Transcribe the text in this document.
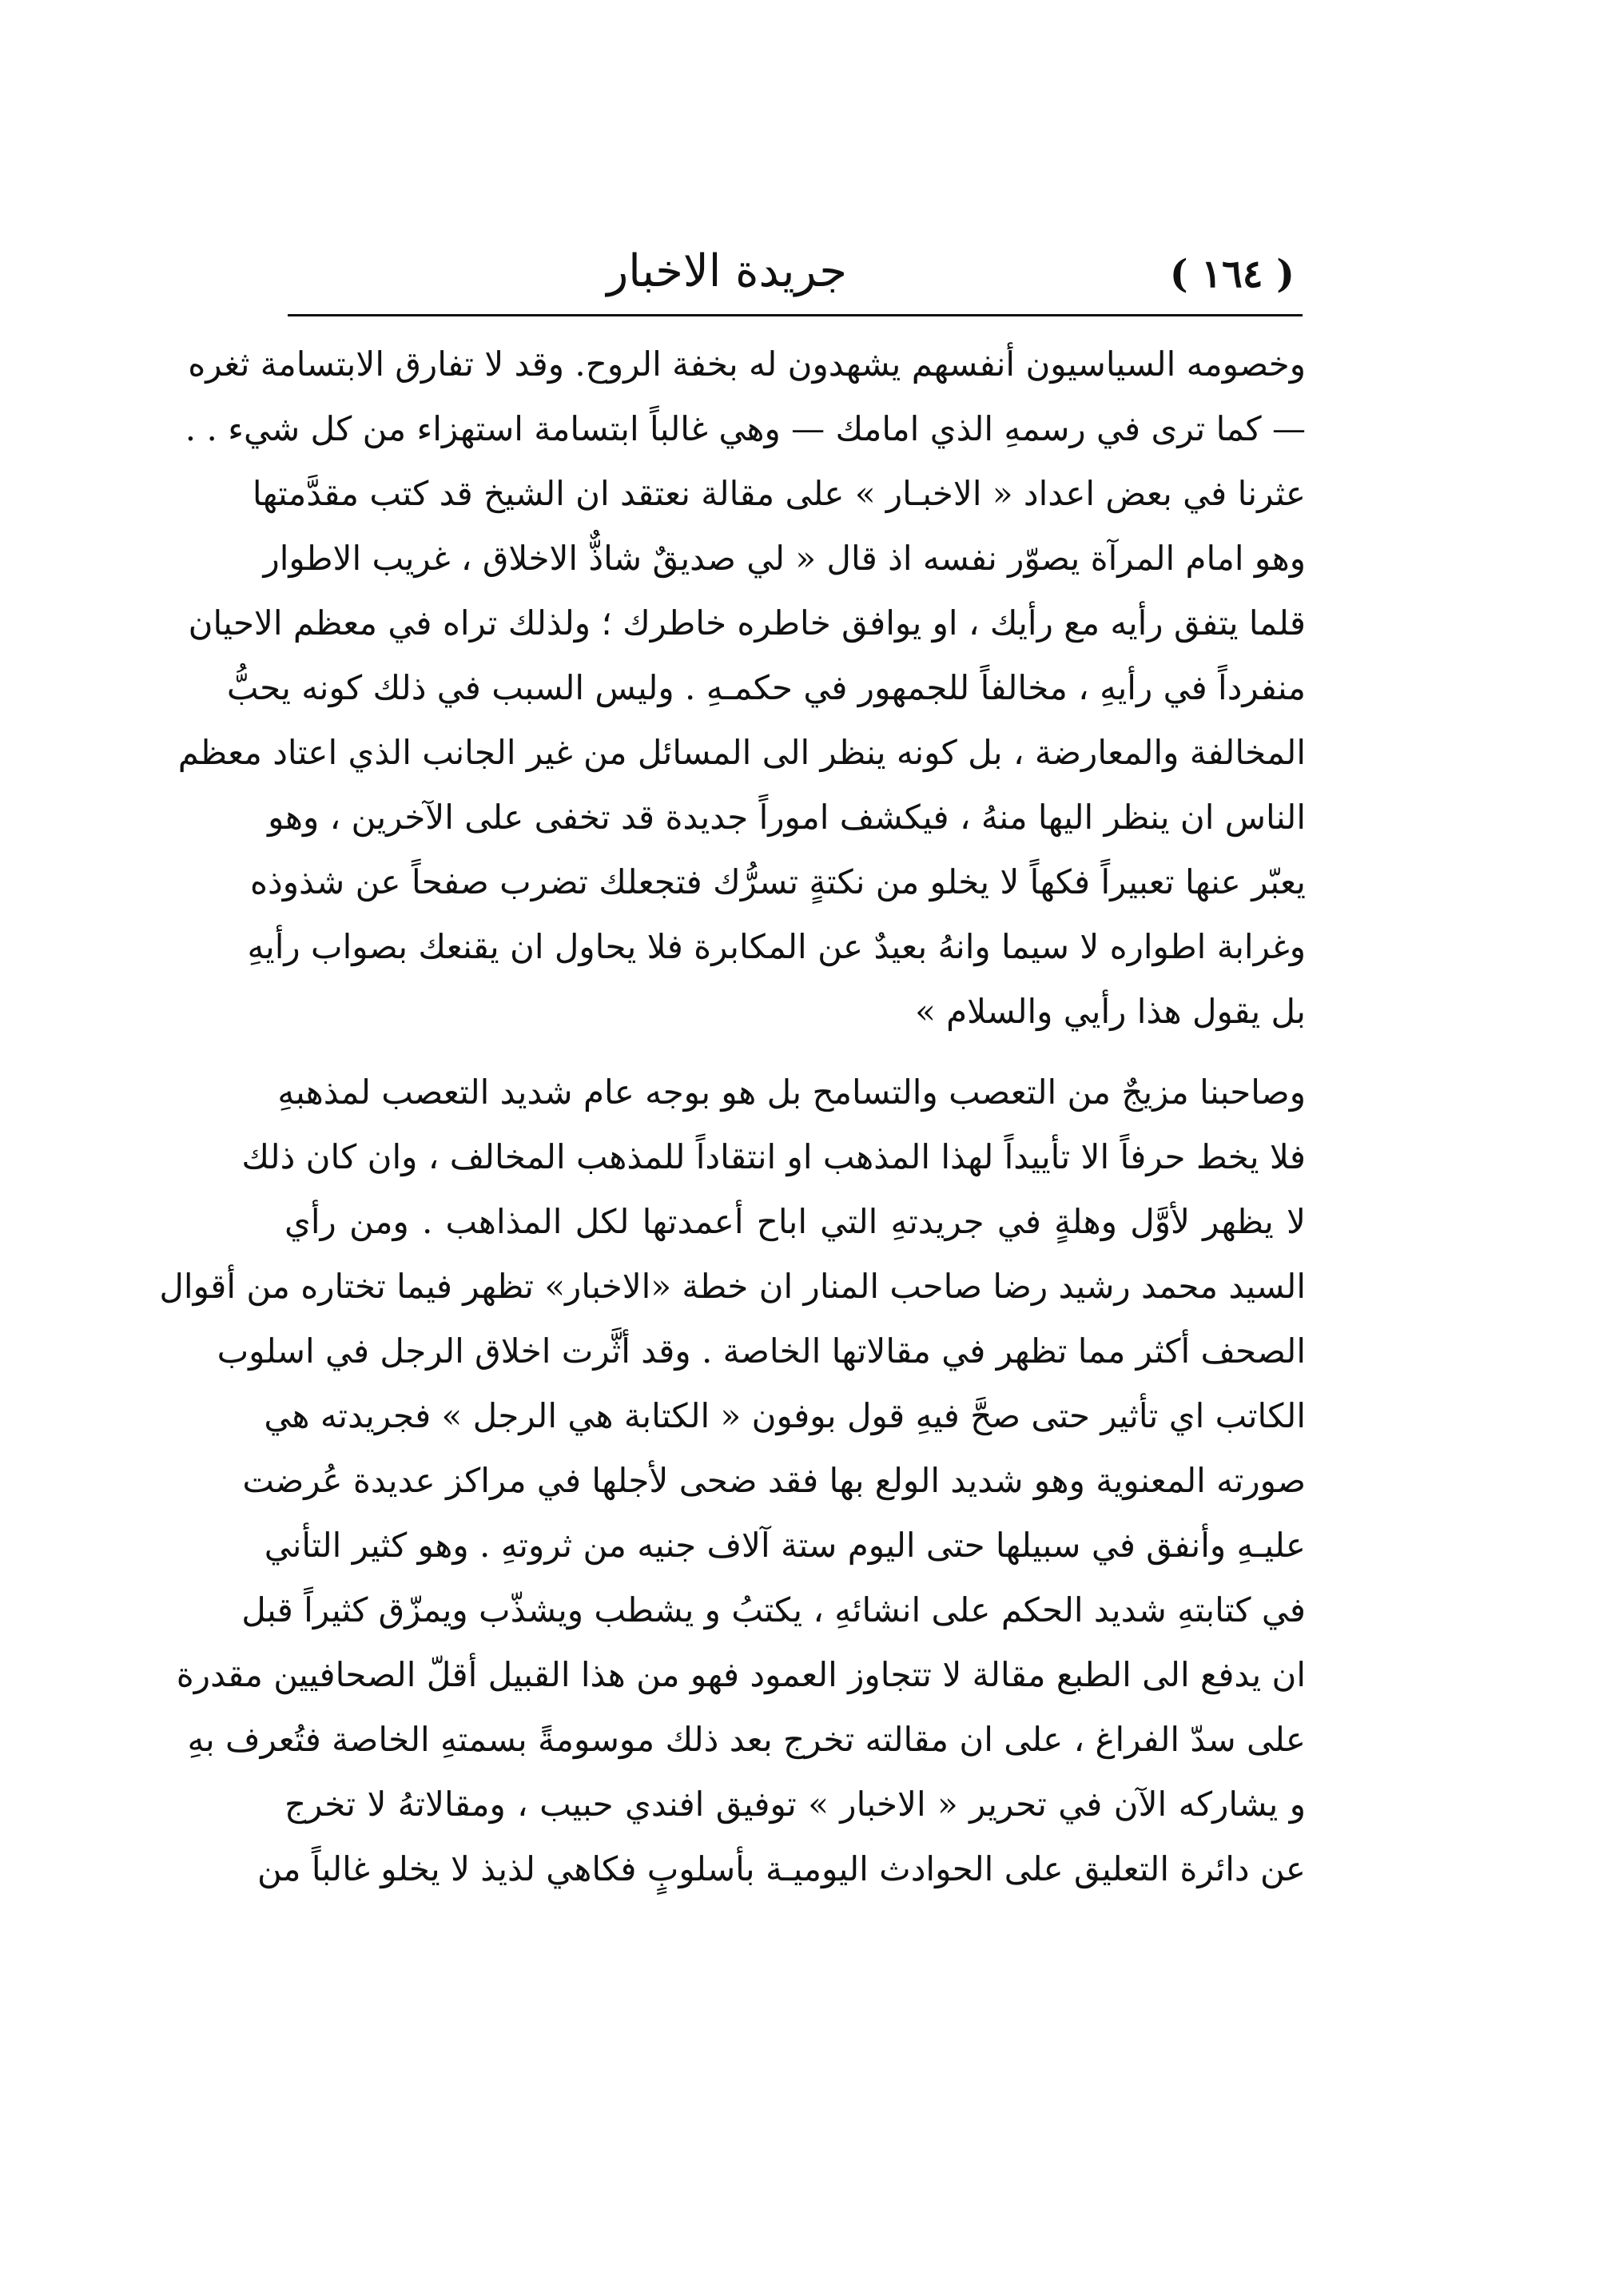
( ١٦٤ )
جريدة الاخبار
وخصومه السياسيون أنفسهم يشهدون له بخفة الروح. وقد لا تفارق الابتسامة ثغره
— كما ترى في رسمهِ الذي امامك — وهي غالباً ابتسامة استهزاء من كل شيء . .
عثرنا في بعض اعداد « الاخبـار » على مقالة نعتقد ان الشيخ قد كتب مقدَّمتها
وهو امام المرآة يصوّر نفسه اذ قال « لي صديقٌ شاذٌّ الاخلاق ، غريب الاطوار
قلما يتفق رأيه مع رأيك ، او يوافق خاطره خاطرك ؛ ولذلك تراه في معظم الاحيان
منفرداً في رأيهِ ، مخالفاً للجمهور في حكمـهِ . وليس السبب في ذلك كونه يحبُّ
المخالفة والمعارضة ، بل كونه ينظر الى المسائل من غير الجانب الذي اعتاد معظم
الناس ان ينظر اليها منهُ ، فيكشف اموراً جديدة قد تخفى على الآخرين ، وهو
يعبّر عنها تعبيراً فكهاً لا يخلو من نكتةٍ تسرُّك فتجعلك تضرب صفحاً عن شذوذه
وغرابة اطواره لا سيما وانهُ بعيدٌ عن المكابرة فلا يحاول ان يقنعك بصواب رأيهِ
بل يقول هذا رأيي والسلام »
وصاحبنا مزيجٌ من التعصب والتسامح بل هو بوجه عام شديد التعصب لمذهبهِ
فلا يخط حرفاً الا تأييداً لهذا المذهب او انتقاداً للمذهب المخالف ، وان كان ذلك
لا يظهر لأوَّل وهلةٍ في جريدتهِ التي اباح أعمدتها لكل المذاهب . ومن رأي
السيد محمد رشيد رضا صاحب المنار ان خطة «الاخبار» تظهر فيما تختاره من أقوال
الصحف أكثر مما تظهر في مقالاتها الخاصة . وقد أثَّرت اخلاق الرجل في اسلوب
الكاتب اي تأثير حتى صحَّ فيهِ قول بوفون « الكتابة هي الرجل » فجريدته هي
صورته المعنوية وهو شديد الولع بها فقد ضحى لأجلها في مراكز عديدة عُرضت
عليـهِ وأنفق في سبيلها حتى اليوم ستة آلاف جنيه من ثروتهِ . وهو كثير التأني
في كتابتهِ شديد الحكم على انشائهِ ، يكتبُ و يشطب ويشذّب ويمزّق كثيراً قبل
ان يدفع الى الطبع مقالة لا تتجاوز العمود فهو من هذا القبيل أقلّ الصحافيين مقدرة
على سدّ الفراغ ، على ان مقالته تخرج بعد ذلك موسومةً بسمتهِ الخاصة فتُعرف بهِ
و يشاركه الآن في تحرير « الاخبار » توفيق افندي حبيب ، ومقالاتهُ لا تخرج
عن دائرة التعليق على الحوادث اليوميـة بأسلوبٍ فكاهي لذيذ لا يخلو غالباً من
